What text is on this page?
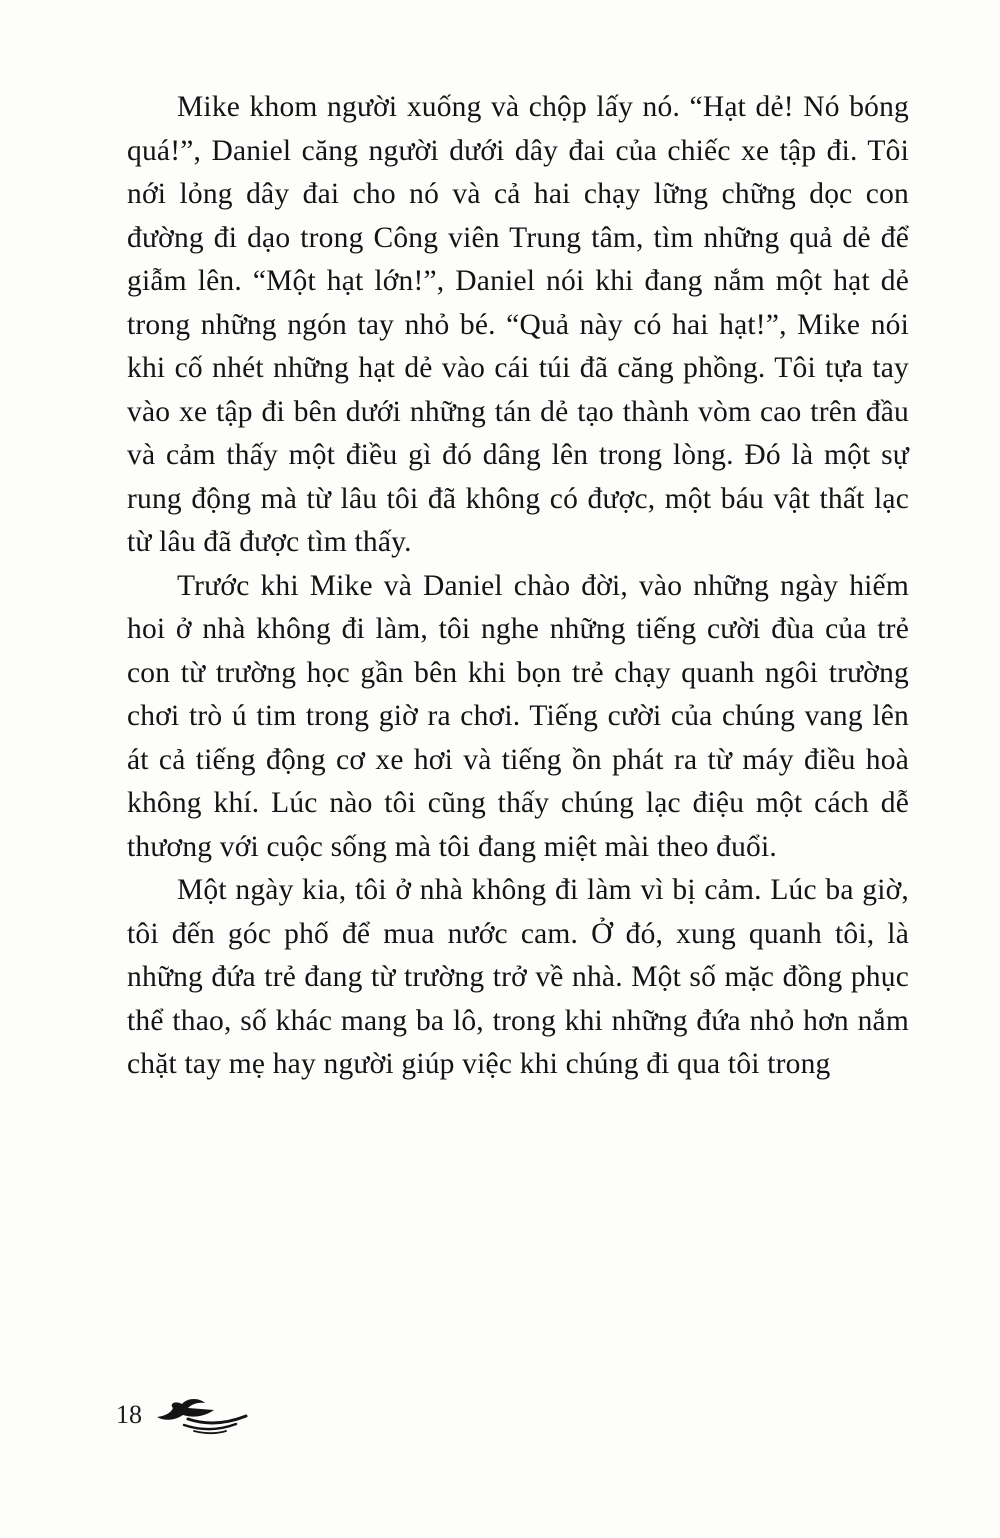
Mike khom người xuống và chộp lấy nó. “Hạt dẻ! Nó bóng quá!”, Daniel căng người dưới dây đai của chiếc xe tập đi. Tôi nới lỏng dây đai cho nó và cả hai chạy lững chững dọc con đường đi dạo trong Công viên Trung tâm, tìm những quả dẻ để giẫm lên. “Một hạt lớn!”, Daniel nói khi đang nắm một hạt dẻ trong những ngón tay nhỏ bé. “Quả này có hai hạt!”, Mike nói khi cố nhét những hạt dẻ vào cái túi đã căng phồng. Tôi tựa tay vào xe tập đi bên dưới những tán dẻ tạo thành vòm cao trên đầu và cảm thấy một điều gì đó dâng lên trong lòng. Đó là một sự rung động mà từ lâu tôi đã không có được, một báu vật thất lạc từ lâu đã được tìm thấy.

Trước khi Mike và Daniel chào đời, vào những ngày hiếm hoi ở nhà không đi làm, tôi nghe những tiếng cười đùa của trẻ con từ trường học gần bên khi bọn trẻ chạy quanh ngôi trường chơi trò ú tim trong giờ ra chơi. Tiếng cười của chúng vang lên át cả tiếng động cơ xe hơi và tiếng ồn phát ra từ máy điều hoà không khí. Lúc nào tôi cũng thấy chúng lạc điệu một cách dễ thương với cuộc sống mà tôi đang miệt mài theo đuổi.

Một ngày kia, tôi ở nhà không đi làm vì bị cảm. Lúc ba giờ, tôi đến góc phố để mua nước cam. Ở đó, xung quanh tôi, là những đứa trẻ đang từ trường trở về nhà. Một số mặc đồng phục thể thao, số khác mang ba lô, trong khi những đứa nhỏ hơn nắm chặt tay mẹ hay người giúp việc khi chúng đi qua tôi trong

18
